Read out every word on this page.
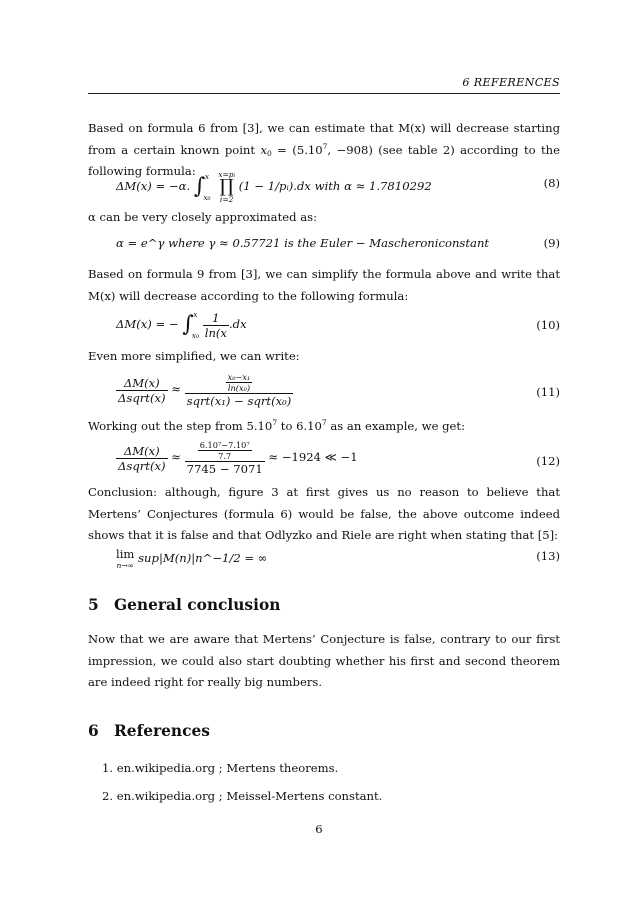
6 REFERENCES
Based on formula 6 from [3], we can estimate that M(x) will decrease starting from a certain known point $x_0 = (5.10^7$, −908) (see table 2) according to the following formula:
ΔM(x) = −α. ∫ x
x₀

x=pᵢ
∏
i=2
(1 − 1/pᵢ).dx with α ≈ 1.7810292	(8)
α can be very closely approximated as:
α = e^γ where γ ≈ 0.57721 is the Euler − Mascheroniconstant	(9)
Based on formula 9 from [3], we can simplify the formula above and write that M(x) will decrease according to the following formula:
ΔM(x) = − ∫ x
x₀
$\frac{1}{\ln(x} .dx$	(10)
Even more simplified, we can write:
$\frac{\Delta M(x)}{\text{Δsqrt(x)}} \approx \frac{\frac{\text{x₀−x₁}}{\text{ln(x₀)}}}{\text{sqrt(x₁) − sqrt(x₀)}}$	(11)
Working out the step from 5.10$^7$ to 6.10$^7$ as an example, we get:
$\frac{\Delta M(x)}{\text{Δsqrt(x)}} \approx \frac{\frac{\text{6.10⁷−7.10⁷}}{7.7}}{7745 - 7071} \approx -1924$ ≪ −1	(12)
Conclusion: although, figure 3 at first gives us no reason to believe that Mertens’ Conjectures (formula 6) would be false, the above outcome indeed shows that it is false and that Odlyzko and Riele are right when stating that [5]:
lim
n→∞
sup|M(n)|n^−1/2 = ∞	(13)
5 General conclusion
Now that we are aware that Mertens’ Conjecture is false, contrary to our first impression, we could also start doubting whether his first and second theorem are indeed right for really big numbers.
6 References
1. en.wikipedia.org ; Mertens theorems.
2. en.wikipedia.org ; Meissel-Mertens constant.
6
